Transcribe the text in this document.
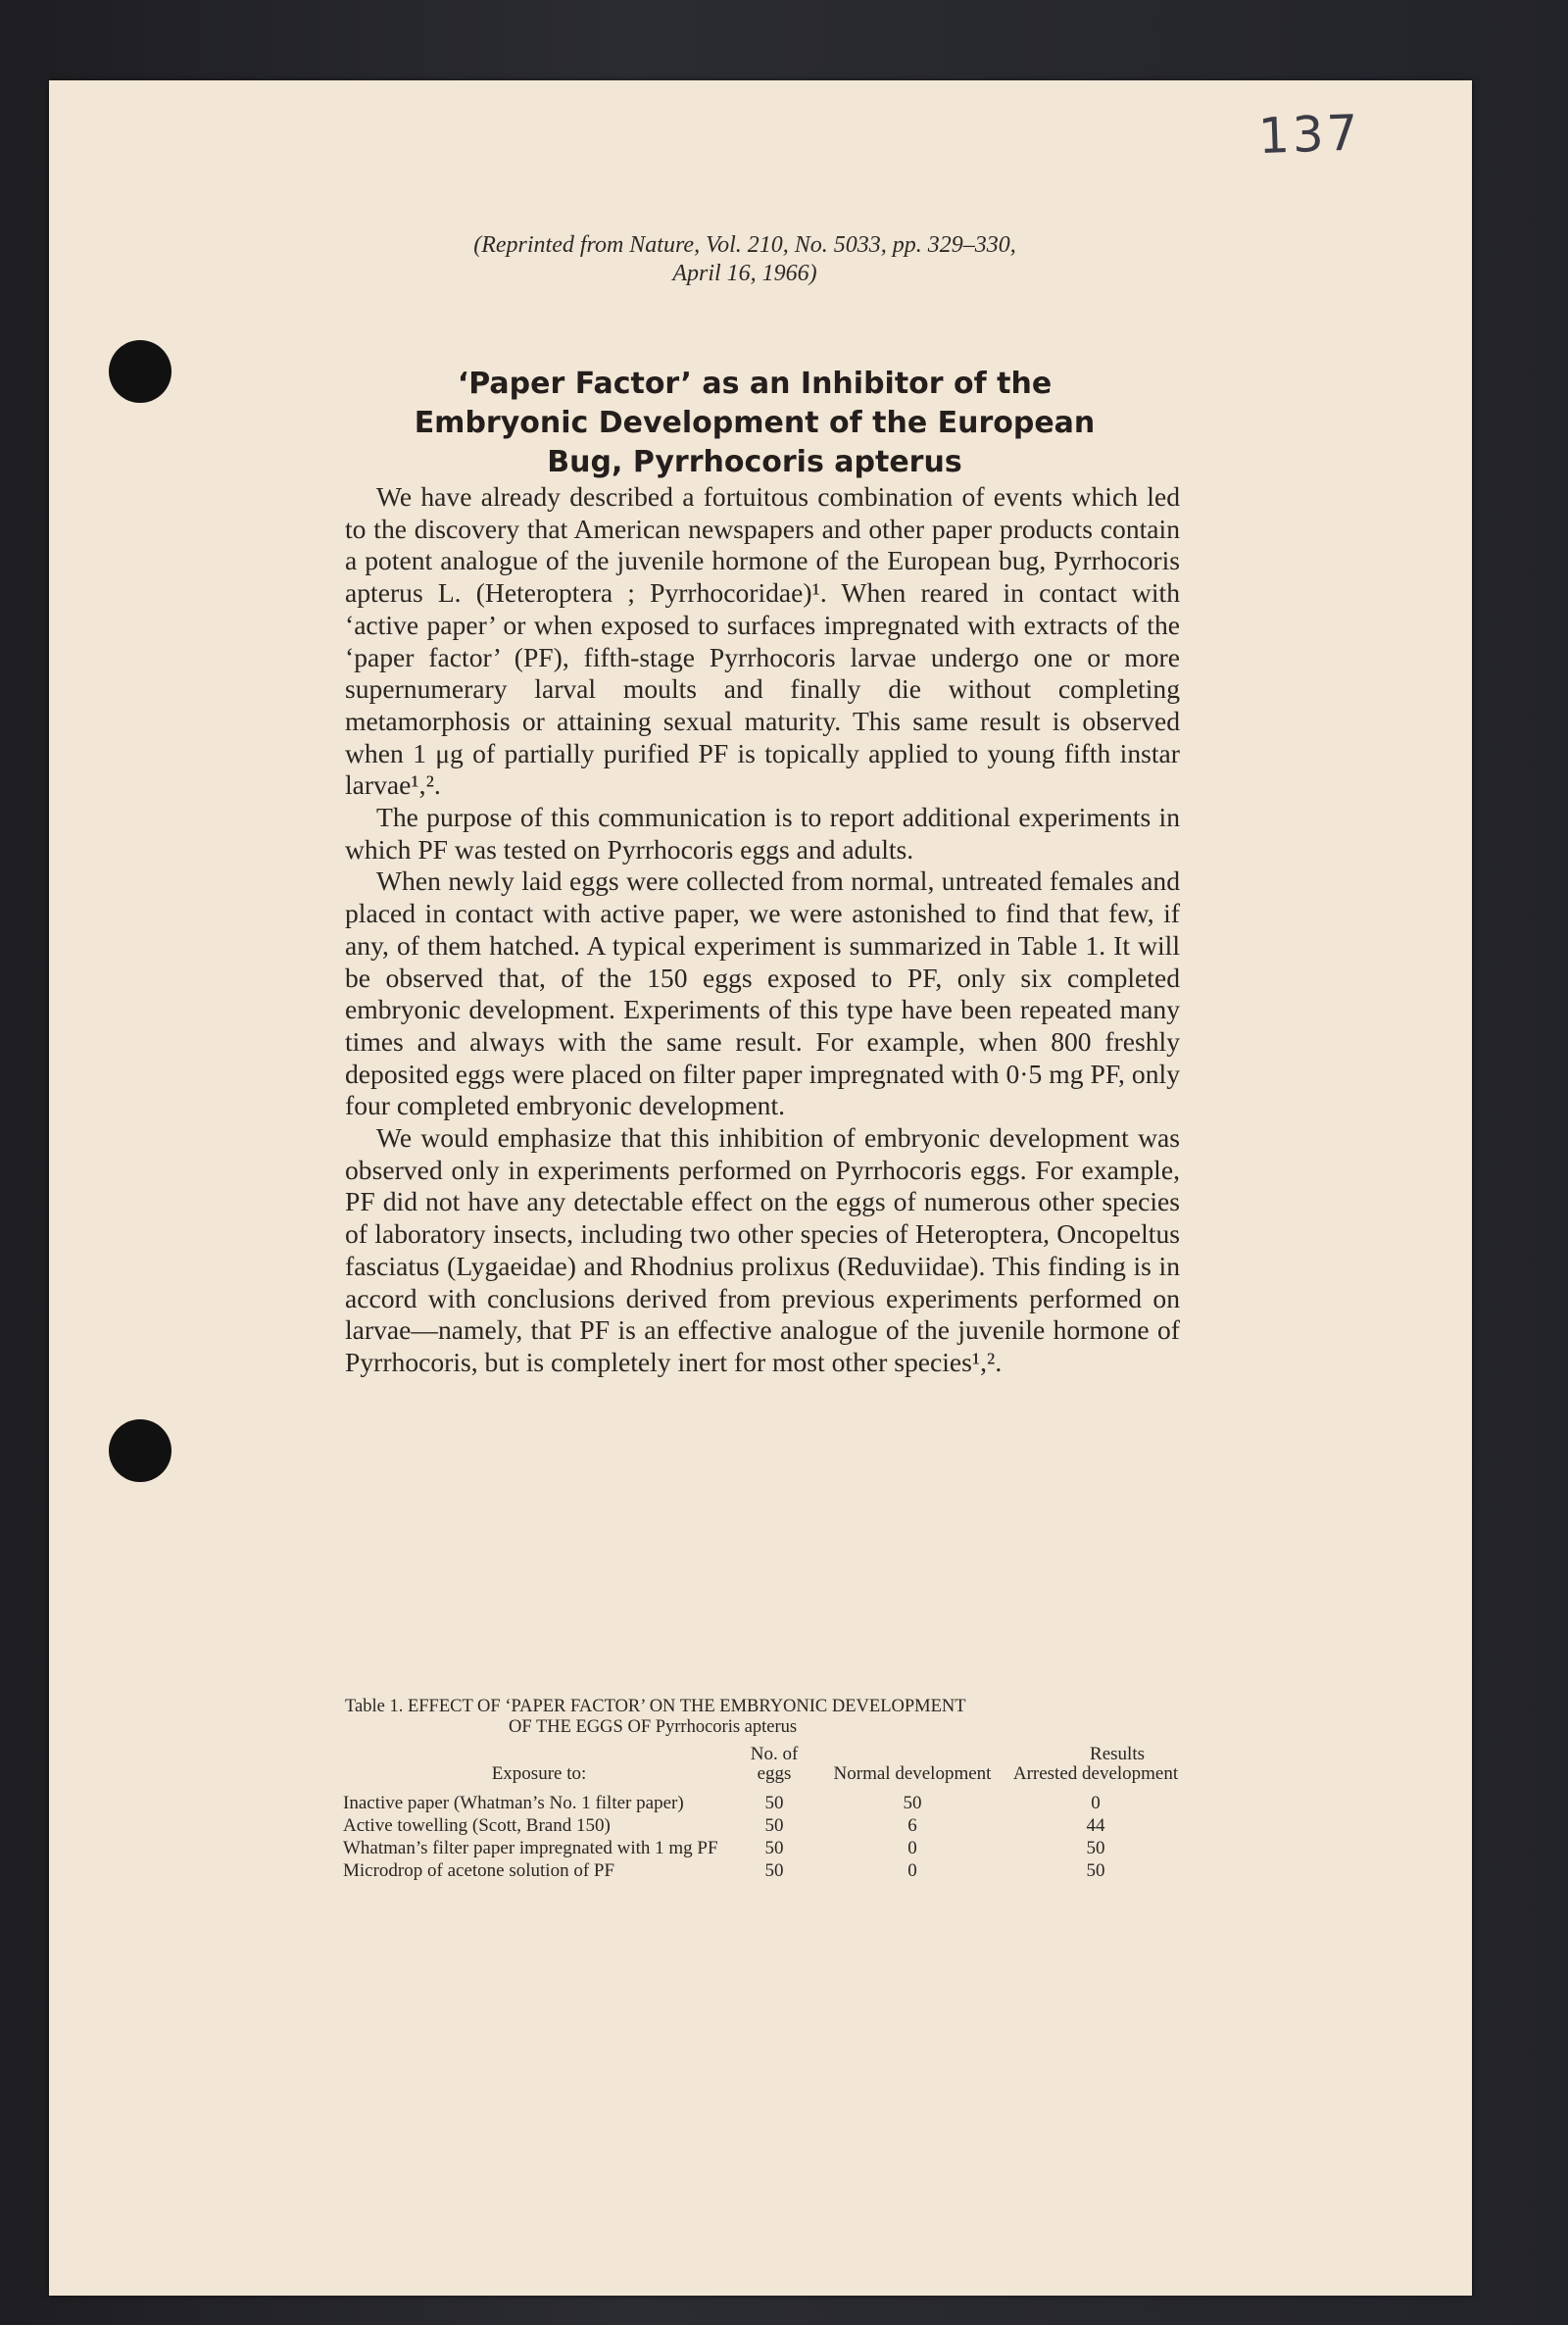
137
(Reprinted from Nature, Vol. 210, No. 5033, pp. 329–330,
April 16, 1966)
‘Paper Factor’ as an Inhibitor of the
Embryonic Development of the European
Bug, Pyrrhocoris apterus

We have already described a fortuitous combination of events which led to the discovery that American newspapers and other paper products contain a potent analogue of the juvenile hormone of the European bug, Pyrrhocoris apterus L. (Heteroptera ; Pyrrhocoridae)¹. When reared in contact with ‘active paper’ or when exposed to surfaces impregnated with extracts of the ‘paper factor’ (PF), fifth-stage Pyrrhocoris larvae undergo one or more supernumerary larval moults and finally die without completing metamorphosis or attaining sexual maturity. This same result is observed when 1 μg of partially purified PF is topically applied to young fifth instar larvae¹,².

The purpose of this communication is to report additional experiments in which PF was tested on Pyrrhocoris eggs and adults.

When newly laid eggs were collected from normal, untreated females and placed in contact with active paper, we were astonished to find that few, if any, of them hatched. A typical experiment is summarized in Table 1. It will be observed that, of the 150 eggs exposed to PF, only six completed embryonic development. Experiments of this type have been repeated many times and always with the same result. For example, when 800 freshly deposited eggs were placed on filter paper impregnated with 0·5 mg PF, only four completed embryonic development.

We would emphasize that this inhibition of embryonic development was observed only in experiments performed on Pyrrhocoris eggs. For example, PF did not have any detectable effect on the eggs of numerous other species of laboratory insects, including two other species of Heteroptera, Oncopeltus fasciatus (Lygaeidae) and Rhodnius prolixus (Reduviidae). This finding is in accord with conclusions derived from previous experiments performed on larvae—namely, that PF is an effective analogue of the juvenile hormone of Pyrrhocoris, but is completely inert for most other species¹,².

Table 1. EFFECT OF ‘PAPER FACTOR’ ON THE EMBRYONIC DEVELOPMENT
OF THE EGGS OF Pyrrhocoris apterus
Exposure to:	No. of eggs	Results	
		Normal development	Arrested development
Inactive paper (Whatman’s No. 1 filter paper)	50	50	0
Active towelling (Scott, Brand 150)	50	6	44
Whatman’s filter paper impregnated with 1 mg PF	50	0	50
Microdrop of acetone solution of PF	50	0	50
